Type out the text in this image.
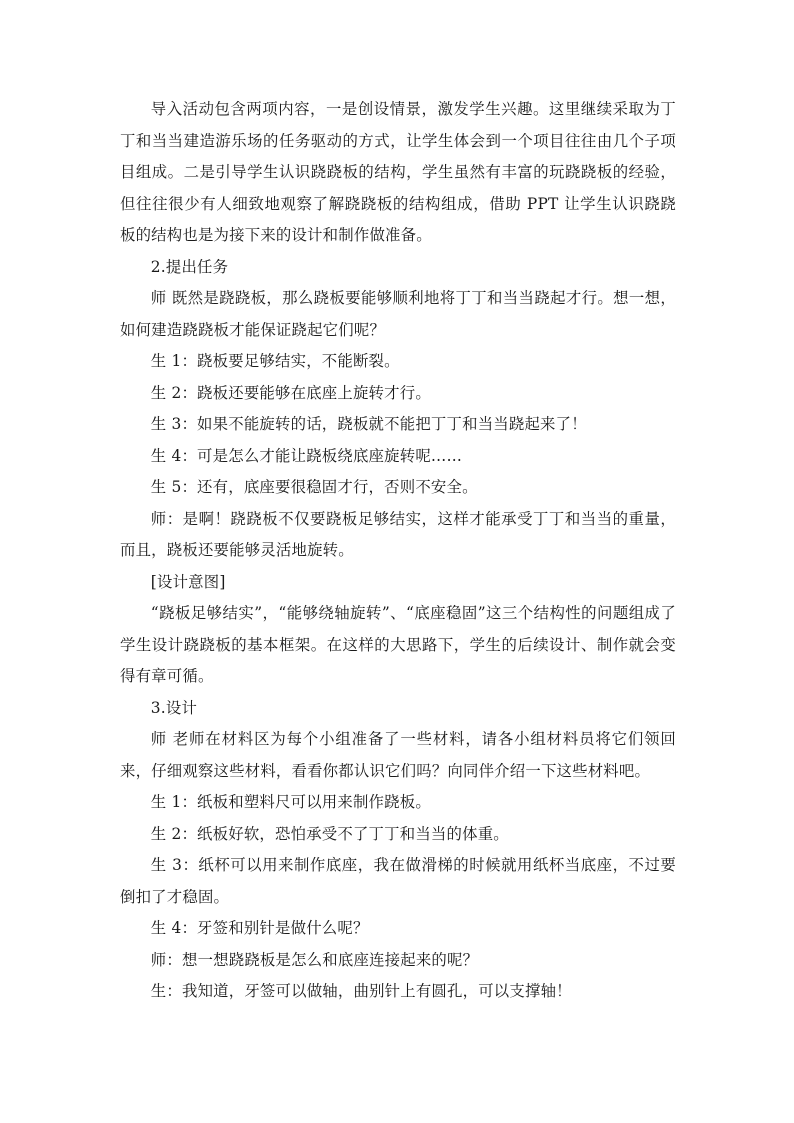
导入活动包含两项内容，一是创设情景，激发学生兴趣。这里继续采取为丁丁和当当建造游乐场的任务驱动的方式，让学生体会到一个项目往往由几个子项目组成。二是引导学生认识跷跷板的结构，学生虽然有丰富的玩跷跷板的经验，但往往很少有人细致地观察了解跷跷板的结构组成，借助 PPT 让学生认识跷跷板的结构也是为接下来的设计和制作做准备。

2.提出任务

师 既然是跷跷板，那么跷板要能够顺利地将丁丁和当当跷起才行。想一想，如何建造跷跷板才能保证跷起它们呢？

生 1：跷板要足够结实，不能断裂。

生 2：跷板还要能够在底座上旋转才行。

生 3：如果不能旋转的话，跷板就不能把丁丁和当当跷起来了！

生 4：可是怎么才能让跷板绕底座旋转呢……

生 5：还有，底座要很稳固才行，否则不安全。

师：是啊！跷跷板不仅要跷板足够结实，这样才能承受丁丁和当当的重量，而且，跷板还要能够灵活地旋转。

[设计意图]

“跷板足够结实”，“能够绕轴旋转”、“底座稳固”这三个结构性的问题组成了学生设计跷跷板的基本框架。在这样的大思路下，学生的后续设计、制作就会变得有章可循。

3.设计

师 老师在材料区为每个小组准备了一些材料，请各小组材料员将它们领回来，仔细观察这些材料，看看你都认识它们吗？向同伴介绍一下这些材料吧。

生 1：纸板和塑料尺可以用来制作跷板。

生 2：纸板好软，恐怕承受不了丁丁和当当的体重。

生 3：纸杯可以用来制作底座，我在做滑梯的时候就用纸杯当底座，不过要倒扣了才稳固。

生 4：牙签和别针是做什么呢？

师：想一想跷跷板是怎么和底座连接起来的呢？

生：我知道，牙签可以做轴，曲别针上有圆孔，可以支撑轴！
